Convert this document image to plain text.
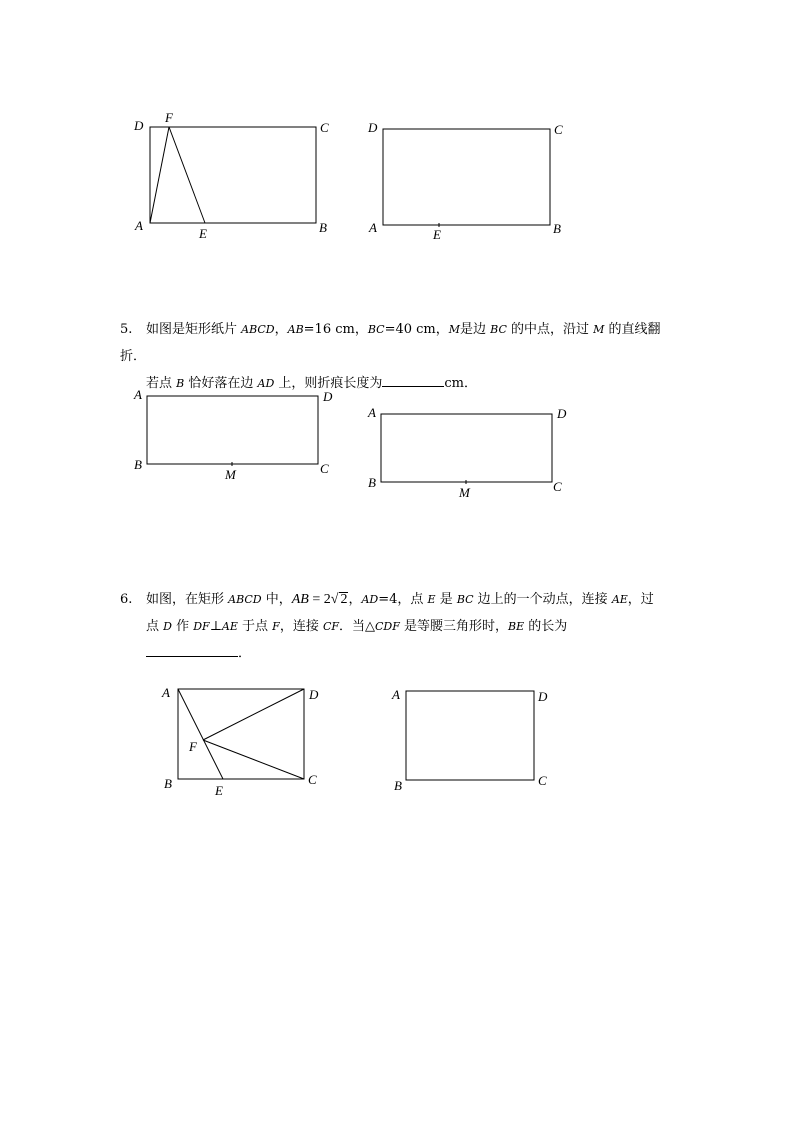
D
F
C
A
E	B
D	C
A	E	B
5. 如图是矩形纸片 ABCD，AB=16 cm，BC=40 cm，M是边 BC 的中点，沿过 M 的直线翻折．
若点 B 恰好落在边 AD 上，则折痕长度为	cm．
A	D
B
M	C
A	D
B
M	C
6. 如图，在矩形 ABCD 中，AB = 2√ 2，AD=4，点 E 是 BC 边上的一个动点，连接 AE，过
点 D 作 DF⊥AE 于点 F，连接 CF．当△CDF 是等腰三角形时，BE 的长为
．
A	D
F
B	E
C
A	D
B	C
